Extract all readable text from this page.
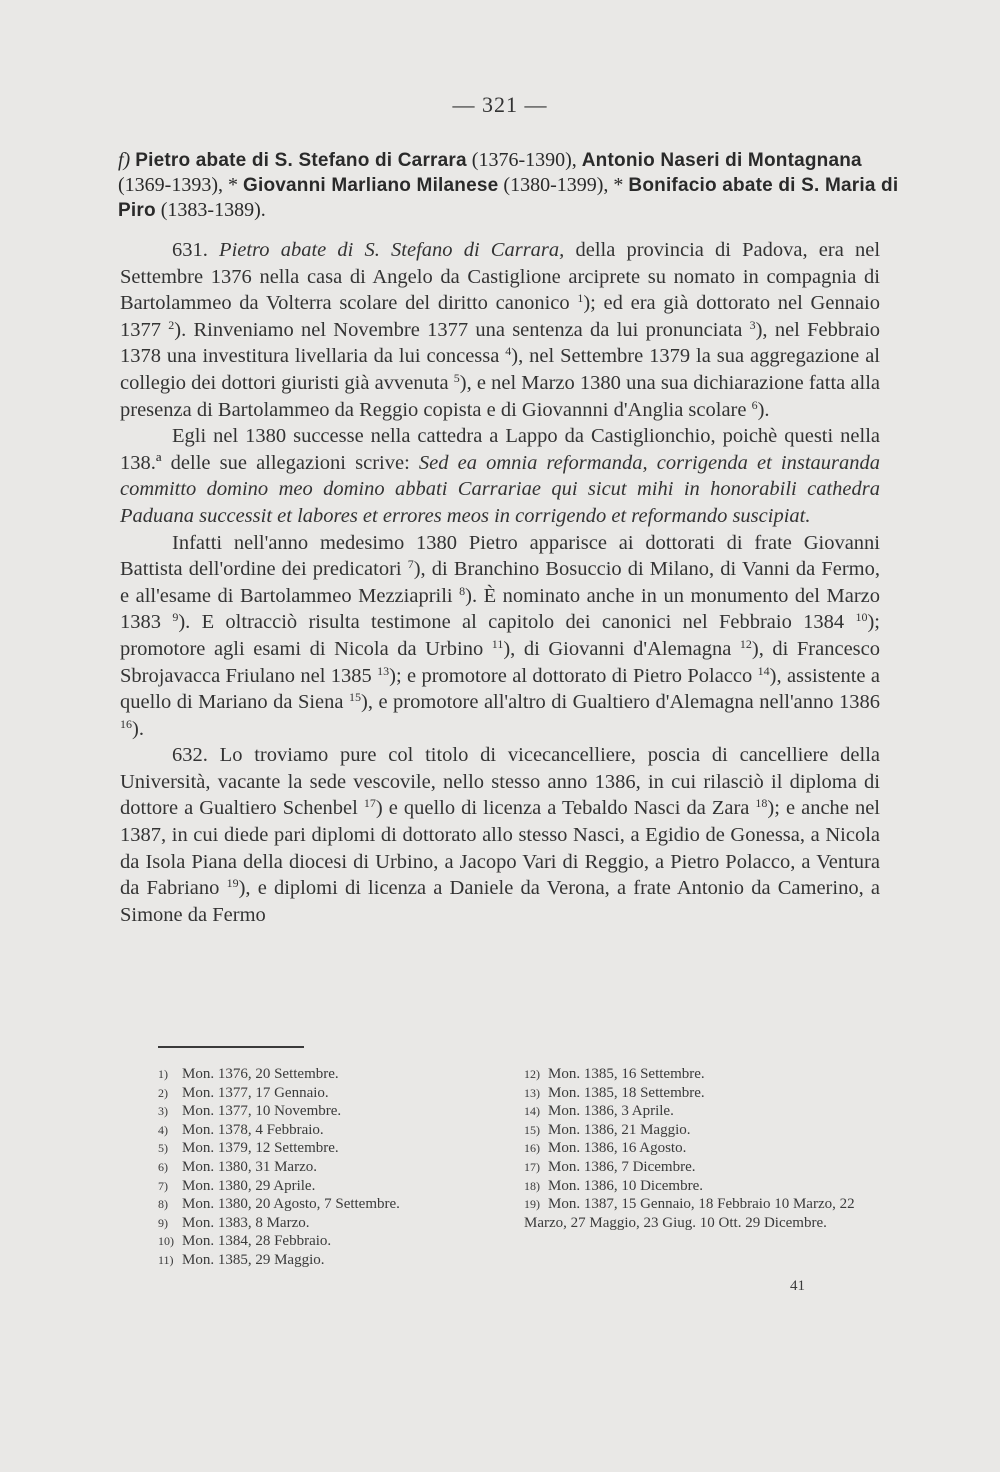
— 321 —
f) Pietro abate di S. Stefano di Carrara (1376-1390), Antonio Naseri di Montagnana (1369-1393), * Giovanni Marliano Milanese (1380-1399), * Bonifacio abate di S. Maria di Piro (1383-1389).

631. Pietro abate di S. Stefano di Carrara, della provincia di Padova, era nel Settembre 1376 nella casa di Angelo da Castiglione arciprete su nomato in compagnia di Bartolammeo da Volterra scolare del diritto canonico $^1$); ed era già dottorato nel Gennaio 1377 $^2$). Rinveniamo nel Novembre 1377 una sentenza da lui pronunciata $^3$), nel Febbraio 1378 una investitura livellaria da lui concessa $^4$), nel Settembre 1379 la sua aggregazione al collegio dei dottori giuristi già avvenuta $^5$), e nel Marzo 1380 una sua dichiarazione fatta alla presenza di Bartolammeo da Reggio copista e di Giovannni d'Anglia scolare $^6$).

Egli nel 1380 successe nella cattedra a Lappo da Castiglionchio, poichè questi nella 138.ª delle sue allegazioni scrive: Sed ea omnia reformanda, corrigenda et instauranda committo domino meo domino abbati Carrariae qui sicut mihi in honorabili cathedra Paduana successit et labores et errores meos in corrigendo et reformando suscipiat.

Infatti nell'anno medesimo 1380 Pietro apparisce ai dottorati di frate Giovanni Battista dell'ordine dei predicatori $^7$), di Branchino Bosuccio di Milano, di Vanni da Fermo, e all'esame di Bartolammeo Mezziaprili $^8$). È nominato anche in un monumento del Marzo 1383 $^9$). E oltracciò risulta testimone al capitolo dei canonici nel Febbraio 1384 $^{10}$); promotore agli esami di Nicola da Urbino $^{11}$), di Giovanni d'Alemagna $^{12}$), di Francesco Sbrojavacca Friulano nel 1385 $^{13}$); e promotore al dottorato di Pietro Polacco $^{14}$), assistente a quello di Mariano da Siena $^{15}$), e promotore all'altro di Gualtiero d'Alemagna nell'anno 1386 $^{16}$).

632. Lo troviamo pure col titolo di vicecancelliere, poscia di cancelliere della Università, vacante la sede vescovile, nello stesso anno 1386, in cui rilasciò il diploma di dottore a Gualtiero Schenbel $^{17}$) e quello di licenza a Tebaldo Nasci da Zara $^{18}$); e anche nel 1387, in cui diede pari diplomi di dottorato allo stesso Nasci, a Egidio de Gonessa, a Nicola da Isola Piana della diocesi di Urbino, a Jacopo Vari di Reggio, a Pietro Polacco, a Ventura da Fabriano $^{19}$), e diplomi di licenza a Daniele da Verona, a frate Antonio da Camerino, a Simone da Fermo

1) Mon. 1376, 20 Settembre.
2) Mon. 1377, 17 Gennaio.
3) Mon. 1377, 10 Novembre.
4) Mon. 1378, 4 Febbraio.
5) Mon. 1379, 12 Settembre.
6) Mon. 1380, 31 Marzo.
7) Mon. 1380, 29 Aprile.
8) Mon. 1380, 20 Agosto, 7 Settembre.
9) Mon. 1383, 8 Marzo.
10) Mon. 1384, 28 Febbraio.
11) Mon. 1385, 29 Maggio.
12) Mon. 1385, 16 Settembre.
13) Mon. 1385, 18 Settembre.
14) Mon. 1386, 3 Aprile.
15) Mon. 1386, 21 Maggio.
16) Mon. 1386, 16 Agosto.
17) Mon. 1386, 7 Dicembre.
18) Mon. 1386, 10 Dicembre.
19) Mon. 1387, 15 Gennaio, 18 Febbraio 10 Marzo, 22 Marzo, 27 Maggio, 23 Giug. 10 Ott. 29 Dicembre.
41
